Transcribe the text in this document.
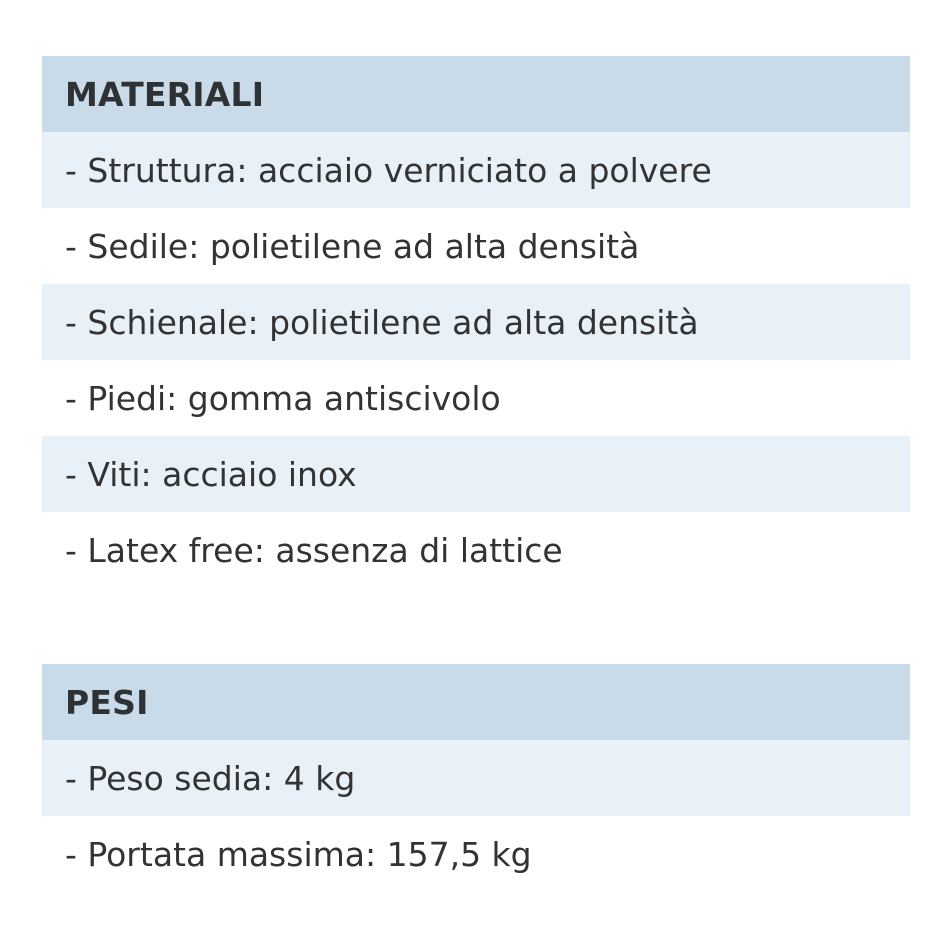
MATERIALI
- Struttura: acciaio verniciato a polvere
- Sedile: polietilene ad alta densità
- Schienale: polietilene ad alta densità
- Piedi: gomma antiscivolo
- Viti: acciaio inox
- Latex free: assenza di lattice
PESI
- Peso sedia: 4 kg
- Portata massima: 157,5 kg
